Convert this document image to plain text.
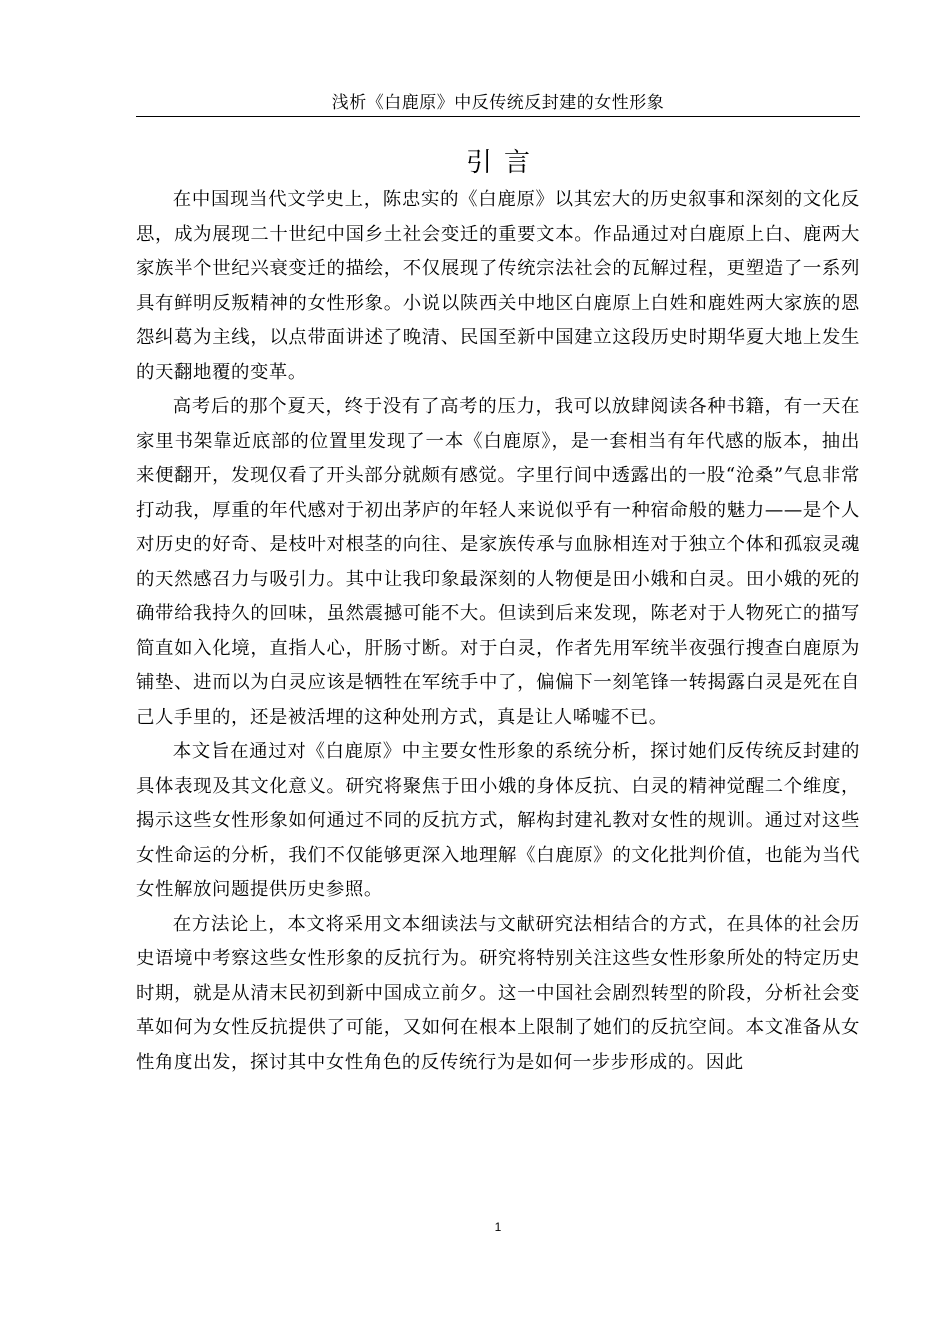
浅析《白鹿原》中反传统反封建的女性形象
引言

在中国现当代文学史上，陈忠实的《白鹿原》以其宏大的历史叙事和深刻的文化反思，成为展现二十世纪中国乡土社会变迁的重要文本。作品通过对白鹿原上白、鹿两大家族半个世纪兴衰变迁的描绘，不仅展现了传统宗法社会的瓦解过程，更塑造了一系列具有鲜明反叛精神的女性形象。小说以陕西关中地区白鹿原上白姓和鹿姓两大家族的恩怨纠葛为主线，以点带面讲述了晚清、民国至新中国建立这段历史时期华夏大地上发生的天翻地覆的变革。

高考后的那个夏天，终于没有了高考的压力，我可以放肆阅读各种书籍，有一天在家里书架靠近底部的位置里发现了一本《白鹿原》，是一套相当有年代感的版本，抽出来便翻开，发现仅看了开头部分就颇有感觉。字里行间中透露出的一股“沧桑”气息非常打动我，厚重的年代感对于初出茅庐的年轻人来说似乎有一种宿命般的魅力——是个人对历史的好奇、是枝叶对根茎的向往、是家族传承与血脉相连对于独立个体和孤寂灵魂的天然感召力与吸引力。其中让我印象最深刻的人物便是田小娥和白灵。田小娥的死的确带给我持久的回味，虽然震撼可能不大。但读到后来发现，陈老对于人物死亡的描写简直如入化境，直指人心，肝肠寸断。对于白灵，作者先用军统半夜强行搜查白鹿原为铺垫、进而以为白灵应该是牺牲在军统手中了，偏偏下一刻笔锋一转揭露白灵是死在自己人手里的，还是被活埋的这种处刑方式，真是让人唏嘘不已。

本文旨在通过对《白鹿原》中主要女性形象的系统分析，探讨她们反传统反封建的具体表现及其文化意义。研究将聚焦于田小娥的身体反抗、白灵的精神觉醒二个维度，揭示这些女性形象如何通过不同的反抗方式，解构封建礼教对女性的规训。通过对这些女性命运的分析，我们不仅能够更深入地理解《白鹿原》的文化批判价值，也能为当代女性解放问题提供历史参照。

在方法论上，本文将采用文本细读法与文献研究法相结合的方式，在具体的社会历史语境中考察这些女性形象的反抗行为。研究将特别关注这些女性形象所处的特定历史时期，就是从清末民初到新中国成立前夕。这一中国社会剧烈转型的阶段，分析社会变革如何为女性反抗提供了可能，又如何在根本上限制了她们的反抗空间。本文准备从女性角度出发，探讨其中女性角色的反传统行为是如何一步步形成的。因此

1
